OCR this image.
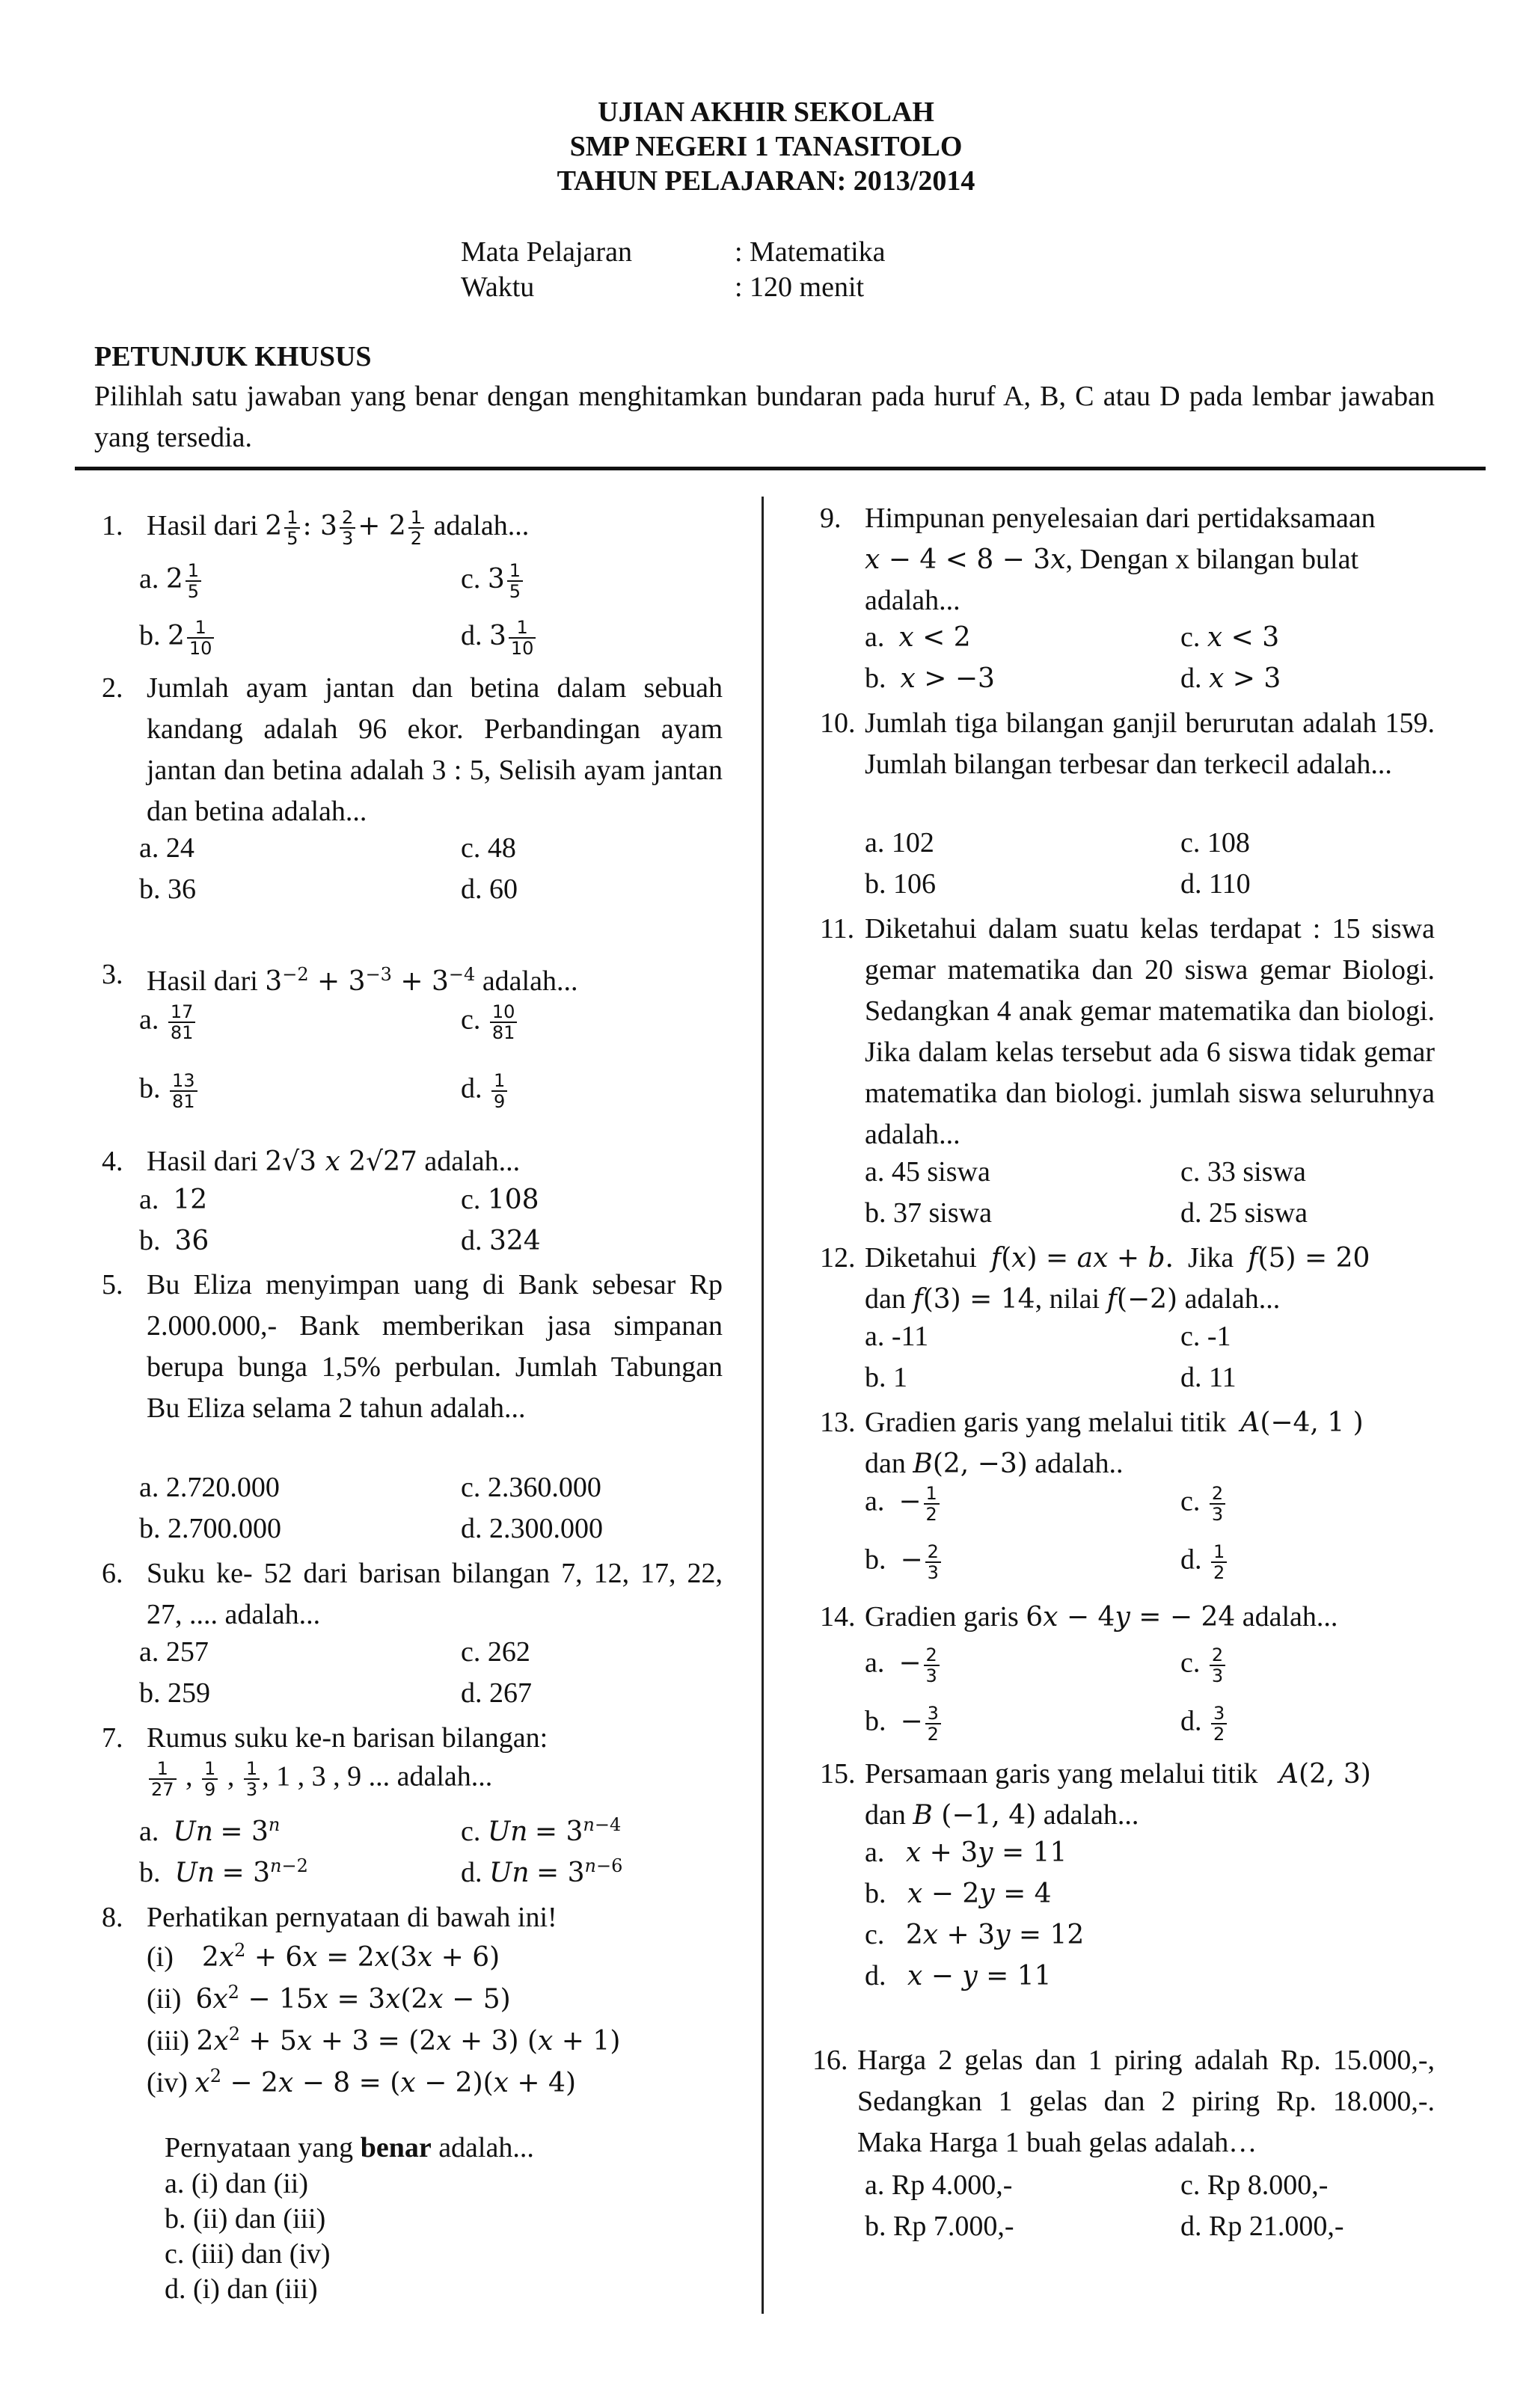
UJIAN AKHIR SEKOLAH
SMP NEGERI 1 TANASITOLO
TAHUN PELAJARAN: 2013/2014
Mata Pelajaran	: Matematika
Waktu	: 120 menit
PETUNJUK KHUSUS
Pilihlah satu jawaban yang benar dengan menghitamkan bundaran pada huruf A, B, C atau D pada lembar jawaban yang tersedia.
1. Hasil dari $2 \frac{1}{5}$ : $3 \frac{2}{3} + 2 \frac{1}{2}$ adalah...
a. $2 \frac{1}{5}$	c. $3 \frac{1}{5}$
b. $2 \frac{1}{10}$	d. $3 \frac{1}{10}$
2. Jumlah ayam jantan dan betina dalam sebuah kandang adalah 96 ekor. Perbandingan ayam jantan dan betina adalah 3 : 5, Selisih ayam jantan dan betina adalah...
a. 24	c. 48
b. 36	d. 60
3. Hasil dari $3^{-2} + 3^{-3} + 3^{-4}$ adalah...
a. $\frac{17}{81}$	c. $\frac{10}{81}$
b. $\frac{13}{81}$	d. $\frac{1}{9}$
4. Hasil dari 2√3 x 2√27 adalah...
a. 12	c. 108
b. 36	d. 324
5. Bu Eliza menyimpan uang di Bank sebesar Rp 2.000.000,- Bank memberikan jasa simpanan berupa bunga 1,5% perbulan. Jumlah Tabungan Bu Eliza selama 2 tahun adalah...
a. 2.720.000	c. 2.360.000
b. 2.700.000	d. 2.300.000
6. Suku ke- 52 dari barisan bilangan 7, 12, 17, 22, 27, .... adalah...
a. 257	c. 262
b. 259	d. 267
7. Rumus suku ke-n barisan bilangan:
$\frac{1}{27}$ , $\frac{1}{9}$ , $\frac{1}{3}$ , 1 , 3 , 9 ... adalah...
a. $Un = 3^n$	c. $Un = 3^{n-4}$
b. $Un = 3^{n-2}$	d. $Un = 3^{n-6}$
8. Perhatikan pernyataan di bawah ini!
(i) $2x^2 + 6x = 2x(3x + 6)$
(ii) $6x^2 - 15x = 3x(2x - 5)$
(iii) $2x^2 + 5x + 3 = (2x + 3) (x + 1)$
(iv) $x^2 - 2x - 8 = (x - 2)(x + 4)$
Pernyataan yang benar adalah...
a. (i) dan (ii)
b. (ii) dan (iii)
c. (iii) dan (iv)
d. (i) dan (iii)
9. Himpunan penyelesaian dari pertidaksamaan
x − 4 < 8 − 3x, Dengan x bilangan bulat
adalah...
a. x < 2	c. x < 3
b. x > −3	d. x > 3
10. Jumlah tiga bilangan ganjil berurutan adalah 159. Jumlah bilangan terbesar dan terkecil adalah...
a. 102	c. 108
b. 106	d. 110
11. Diketahui dalam suatu kelas terdapat : 15 siswa gemar matematika dan 20 siswa gemar Biologi. Sedangkan 4 anak gemar matematika dan biologi. Jika dalam kelas tersebut ada 6 siswa tidak gemar matematika dan biologi. jumlah siswa seluruhnya adalah...
a. 45 siswa	c. 33 siswa
b. 37 siswa	d. 25 siswa
12. Diketahui f(x) = ax + b. Jika f(5) = 20
dan f(3) = 14, nilai f(−2) adalah...
a. -11	c. -1
b. 1	d. 11
13. Gradien garis yang melalui titik A(−4, 1 )
dan B(2, −3) adalah..
a. − $\frac{1}{2}$	c. $\frac{2}{3}$
b. − $\frac{2}{3}$	d. $\frac{1}{2}$
14. Gradien garis 6x − 4y = − 24 adalah...
a. − $\frac{2}{3}$	c. $\frac{2}{3}$
b. − $\frac{3}{2}$	d. $\frac{3}{2}$
15. Persamaan garis yang melalui titik A(2, 3)
dan B (−1, 4) adalah...
a. x + 3y = 11
b. x − 2y = 4
c. 2x + 3y = 12
d. x − y = 11
16. Harga 2 gelas dan 1 piring adalah Rp. 15.000,-, Sedangkan 1 gelas dan 2 piring Rp. 18.000,-. Maka Harga 1 buah gelas adalah…
a. Rp 4.000,-	c. Rp 8.000,-
b. Rp 7.000,-	d. Rp 21.000,-
